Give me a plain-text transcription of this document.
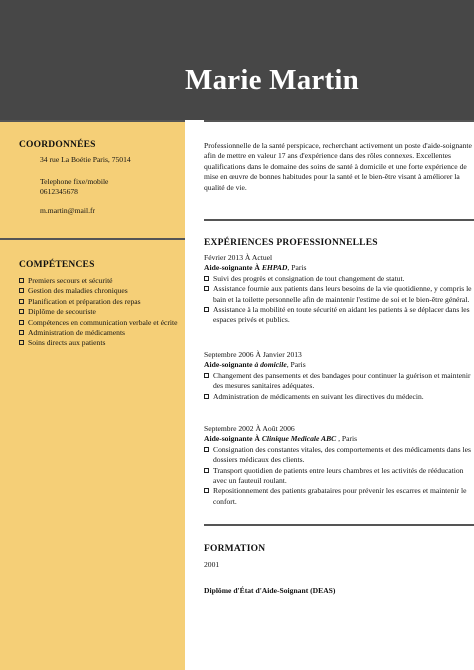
Marie Martin
COORDONNÉES
34 rue La Boétie Paris, 75014
Telephone fixe/mobile
0612345678
m.martin@mail.fr
COMPÉTENCES
Premiers secours et sécurité
Gestion des maladies chroniques
Planification et préparation des repas
Diplôme de secouriste
Compétences en communication verbale et écrite
Administration de médicaments
Soins directs aux patients
Professionnelle de la santé perspicace, recherchant activement un poste d'aide-soignante afin de mettre en valeur 17 ans d'expérience dans des rôles connexes. Excellentes qualifications dans le domaine des soins de santé à domicile et une forte expérience de mise en œuvre de bonnes habitudes pour la santé et le bien-être visant à améliorer la qualité de vie.
EXPÉRIENCES PROFESSIONNELLES
Février 2013 À Actuel
Aide-soignante À EHPAD, Paris
Suivi des progrès et consignation de tout changement de statut.
Assistance fournie aux patients dans leurs besoins de la vie quotidienne, y compris le bain et la toilette personnelle afin de maintenir l'estime de soi et le bien-être général.
Assistance à la mobilité en toute sécurité en aidant les patients à se déplacer dans les espaces privés et publics.
Septembre 2006 À Janvier 2013
Aide-soignante à domicile, Paris
Changement des pansements et des bandages pour continuer la guérison et maintenir des mesures sanitaires adéquates.
Administration de médicaments en suivant les directives du médecin.
Septembre 2002 À Août 2006
Aide-soignante À Clinique Medicale ABC , Paris
Consignation des constantes vitales, des comportements et des médicaments dans les dossiers médicaux des clients.
Transport quotidien de patients entre leurs chambres et les activités de rééducation avec un fauteuil roulant.
Repositionnement des patients grabataires pour prévenir les escarres et maintenir le confort.
FORMATION
2001
Diplôme d'État d'Aide-Soignant (DEAS)
